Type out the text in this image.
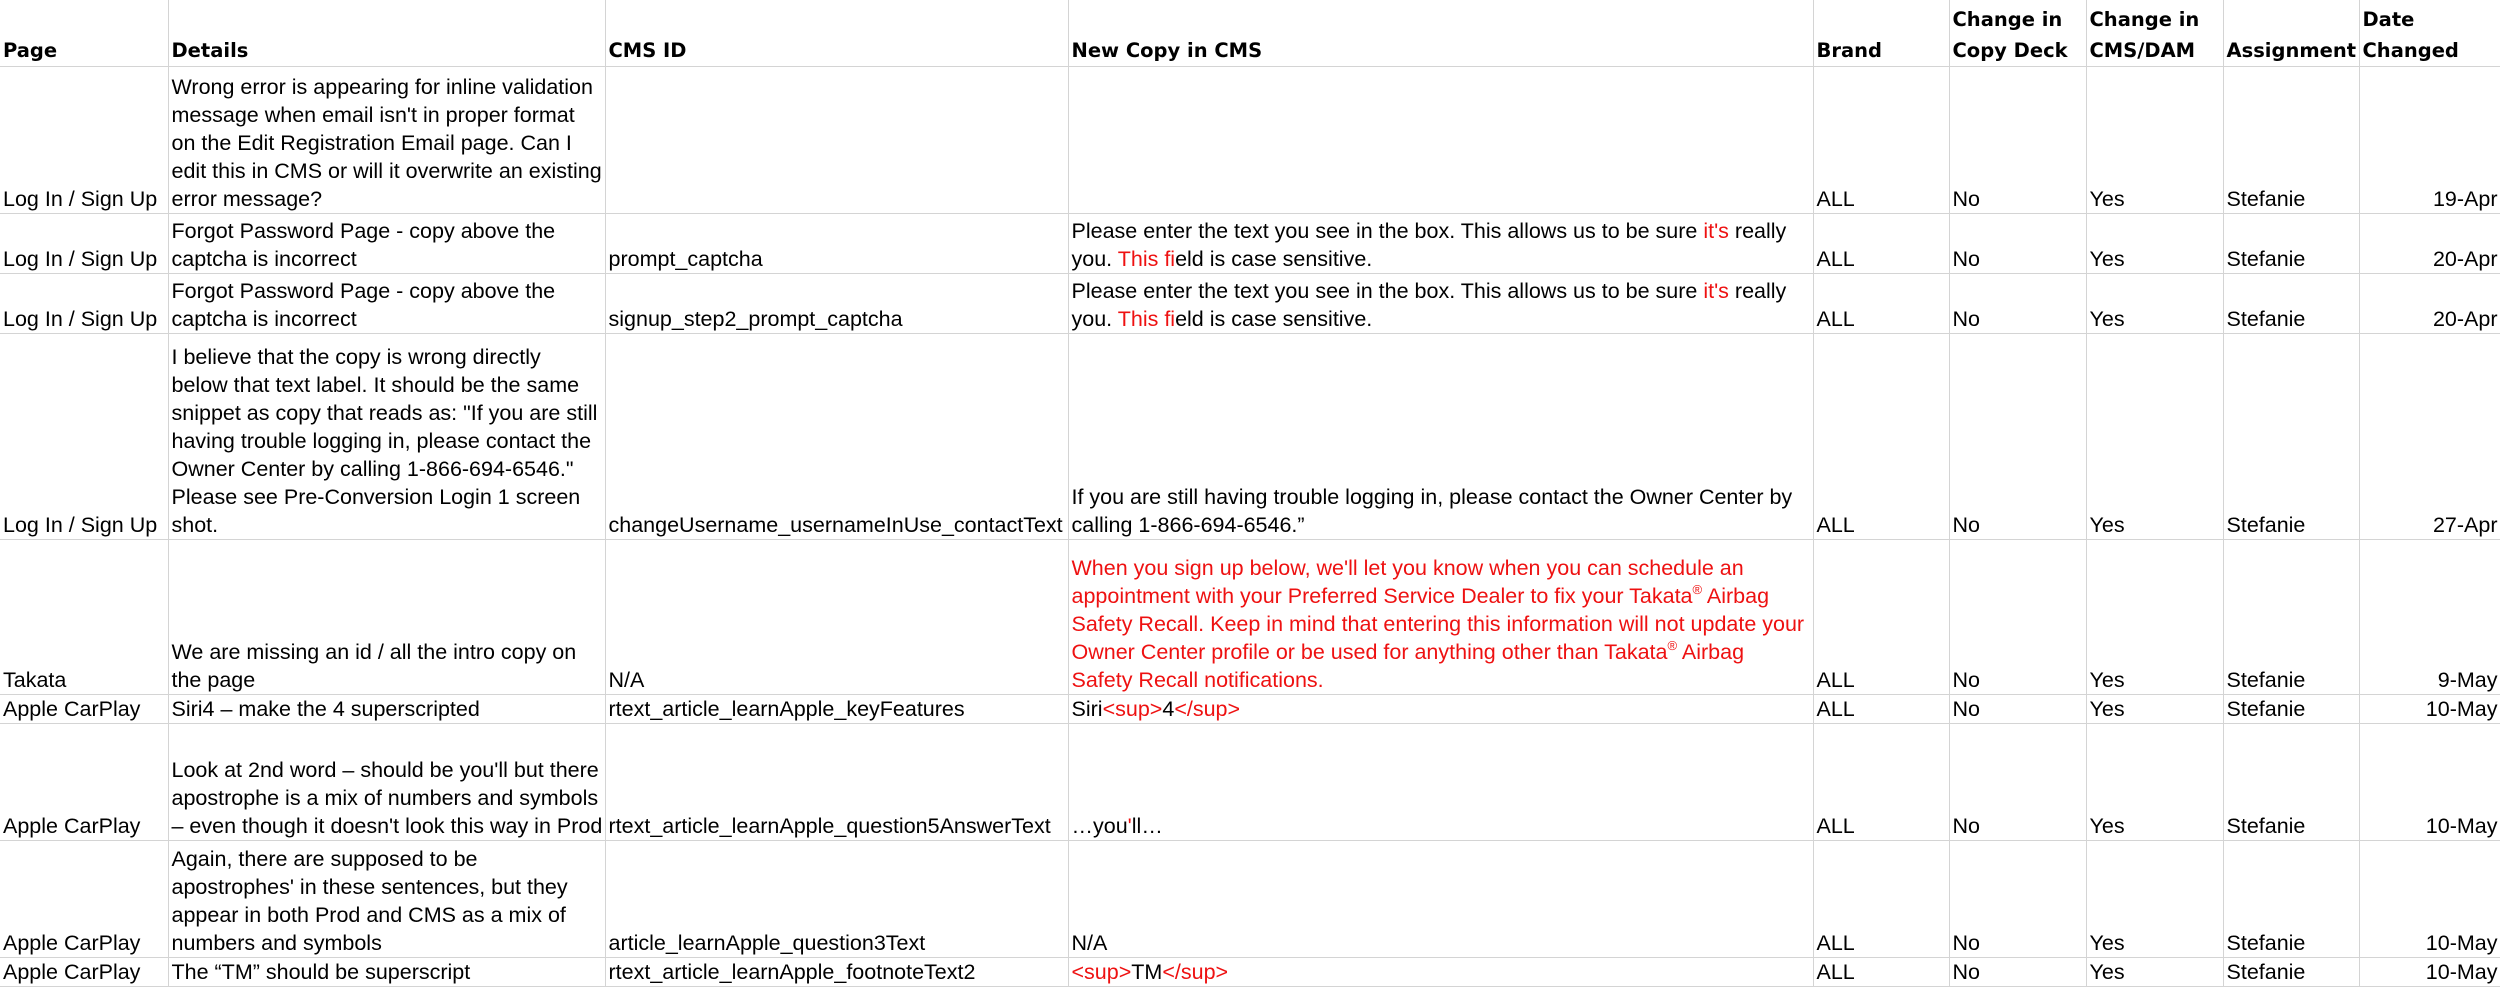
Page	Details	CMS ID	New Copy in CMS	Brand	Change in Copy Deck	Change in CMS/DAM	Assignment	Date Changed
Log In / Sign Up	Wrong error is appearing for inline validation message when email isn't in proper format on the Edit Registration Email page. Can I edit this in CMS or will it overwrite an existing error message?			ALL	No	Yes	Stefanie	19-Apr
Log In / Sign Up	Forgot Password Page - copy above the captcha is incorrect	prompt_captcha	Please enter the text you see in the box. This allows us to be sure it's really you. This field is case sensitive.	ALL	No	Yes	Stefanie	20-Apr
Log In / Sign Up	Forgot Password Page - copy above the captcha is incorrect	signup_step2_prompt_captcha	Please enter the text you see in the box. This allows us to be sure it's really you. This field is case sensitive.	ALL	No	Yes	Stefanie	20-Apr
Log In / Sign Up	I believe that the copy is wrong directly below that text label. It should be the same snippet as copy that reads as: "If you are still having trouble logging in, please contact the Owner Center by calling 1-866-694-6546." Please see Pre-Conversion Login 1 screen shot.	changeUsername_usernameInUse_contactText	If you are still having trouble logging in, please contact the Owner Center by calling 1-866-694-6546.”	ALL	No	Yes	Stefanie	27-Apr
Takata	We are missing an id / all the intro copy on the page	N/A	When you sign up below, we'll let you know when you can schedule an appointment with your Preferred Service Dealer to fix your Takata® Airbag Safety Recall. Keep in mind that entering this information will not update your Owner Center profile or be used for anything other than Takata® Airbag Safety Recall notifications.	ALL	No	Yes	Stefanie	9-May
Apple CarPlay	Siri4 – make the 4 superscripted	rtext_article_learnApple_keyFeatures	Siri<sup>4</sup>	ALL	No	Yes	Stefanie	10-May
Apple CarPlay	Look at 2nd word – should be you'll but there apostrophe is a mix of numbers and symbols – even though it doesn't look this way in Prod	rtext_article_learnApple_question5AnswerText	…you'll…	ALL	No	Yes	Stefanie	10-May
Apple CarPlay	Again, there are supposed to be apostrophes' in these sentences, but they appear in both Prod and CMS as a mix of numbers and symbols	article_learnApple_question3Text	N/A	ALL	No	Yes	Stefanie	10-May
Apple CarPlay	The “TM” should be superscript	rtext_article_learnApple_footnoteText2	<sup>TM</sup>	ALL	No	Yes	Stefanie	10-May
